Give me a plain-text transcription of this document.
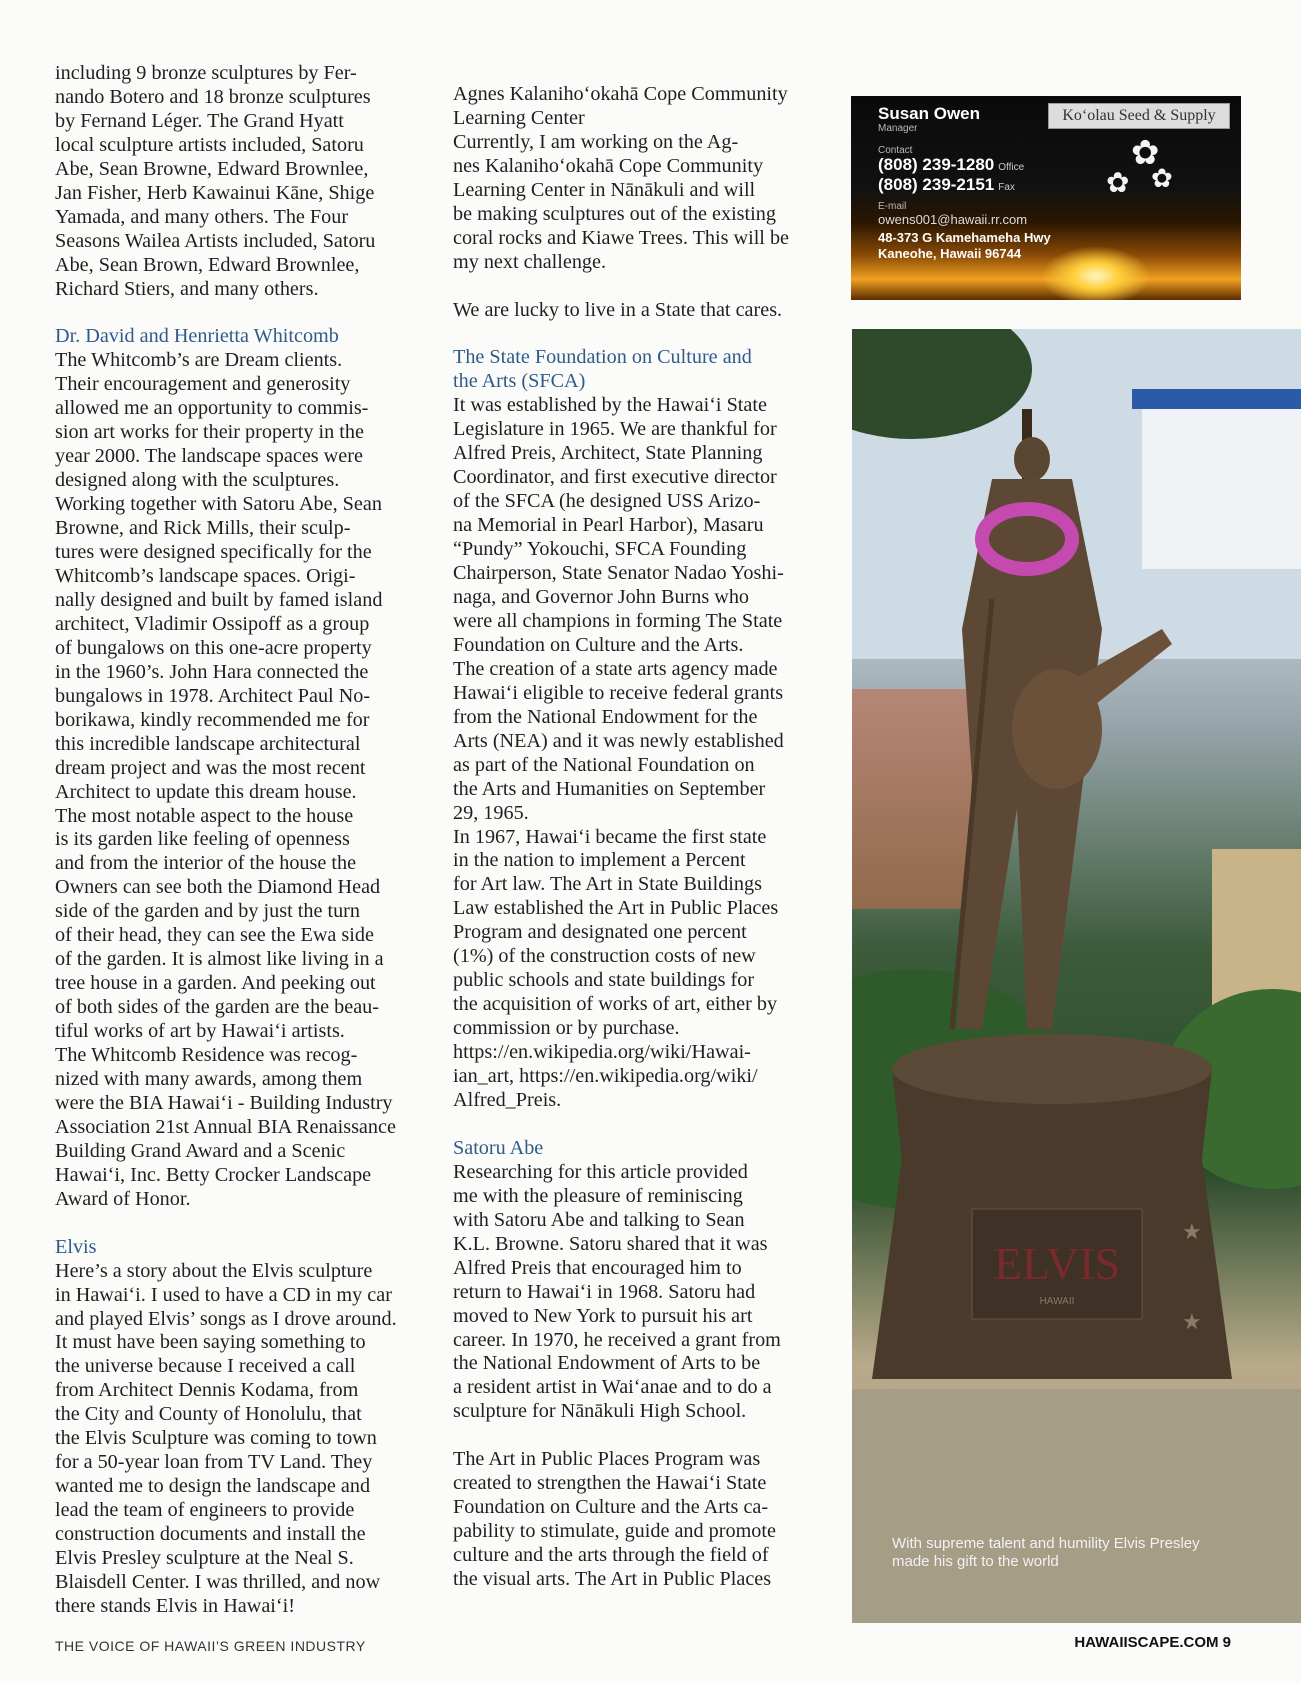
including 9 bronze sculptures by Fer-
nando Botero and 18 bronze sculptures
by Fernand Léger. The Grand Hyatt
local sculpture artists included, Satoru
Abe, Sean Browne, Edward Brownlee,
Jan Fisher, Herb Kawainui Kāne, Shige
Yamada, and many others. The Four
Seasons Wailea Artists included, Satoru
Abe, Sean Brown, Edward Brownlee,
Richard Stiers, and many others.

Dr. David and Henrietta Whitcomb

The Whitcomb’s are Dream clients.
Their encouragement and generosity
allowed me an opportunity to commis-
sion art works for their property in the
year 2000. The landscape spaces were
designed along with the sculptures.
Working together with Satoru Abe, Sean
Browne, and Rick Mills, their sculp-
tures were designed specifically for the
Whitcomb’s landscape spaces. Origi-
nally designed and built by famed island
architect, Vladimir Ossipoff as a group
of bungalows on this one-acre property
in the 1960’s. John Hara connected the
bungalows in 1978. Architect Paul No-
borikawa, kindly recommended me for
this incredible landscape architectural
dream project and was the most recent
Architect to update this dream house.
The most notable aspect to the house
is its garden like feeling of openness
and from the interior of the house the
Owners can see both the Diamond Head
side of the garden and by just the turn
of their head, they can see the Ewa side
of the garden. It is almost like living in a
tree house in a garden. And peeking out
of both sides of the garden are the beau-
tiful works of art by Hawai‘i artists.
The Whitcomb Residence was recog-
nized with many awards, among them
were the BIA Hawai‘i - Building Industry
Association 21st Annual BIA Renaissance
Building Grand Award and a Scenic
Hawai‘i, Inc. Betty Crocker Landscape
Award of Honor.

Elvis

Here’s a story about the Elvis sculpture
in Hawai‘i. I used to have a CD in my car
and played Elvis’ songs as I drove around.
It must have been saying something to
the universe because I received a call
from Architect Dennis Kodama, from
the City and County of Honolulu, that
the Elvis Sculpture was coming to town
for a 50-year loan from TV Land. They
wanted me to design the landscape and
lead the team of engineers to provide
construction documents and install the
Elvis Presley sculpture at the Neal S.
Blaisdell Center. I was thrilled, and now
there stands Elvis in Hawai‘i!
Agnes Kalaniho‘okahā Cope Community
Learning Center
Currently, I am working on the Ag-
nes Kalaniho‘okahā Cope Community
Learning Center in Nānākuli and will
be making sculptures out of the existing
coral rocks and Kiawe Trees. This will be
my next challenge.

We are lucky to live in a State that cares.

The State Foundation on Culture and
the Arts (SFCA)
It was established by the Hawai‘i State
Legislature in 1965. We are thankful for
Alfred Preis, Architect, State Planning
Coordinator, and first executive director
of the SFCA (he designed USS Arizo-
na Memorial in Pearl Harbor), Masaru
“Pundy” Yokouchi, SFCA Founding
Chairperson, State Senator Nadao Yoshi-
naga, and Governor John Burns who
were all champions in forming The State
Foundation on Culture and the Arts.
The creation of a state arts agency made
Hawai‘i eligible to receive federal grants
from the National Endowment for the
Arts (NEA) and it was newly established
as part of the National Foundation on
the Arts and Humanities on September
29, 1965.
In 1967, Hawai‘i became the first state
in the nation to implement a Percent
for Art law. The Art in State Buildings
Law established the Art in Public Places
Program and designated one percent
(1%) of the construction costs of new
public schools and state buildings for
the acquisition of works of art, either by
commission or by purchase.
https://en.wikipedia.org/wiki/Hawai-
ian_art, https://en.wikipedia.org/wiki/
Alfred_Preis.

Satoru Abe

Researching for this article provided
me with the pleasure of reminiscing
with Satoru Abe and talking to Sean
K.L. Browne. Satoru shared that it was
Alfred Preis that encouraged him to
return to Hawai‘i in 1968. Satoru had
moved to New York to pursuit his art
career. In 1970, he received a grant from
the National Endowment of Arts to be
a resident artist in Wai‘anae and to do a
sculpture for Nānākuli High School.
The Art in Public Places Program was
created to strengthen the Hawai‘i State
Foundation on Culture and the Arts ca-
pability to stimulate, guide and promote
culture and the arts through the field of
the visual arts. The Art in Public Places
Susan Owen
Manager
Contact
(808) 239-1280 Office
(808) 239-2151 Fax
E-mail
owens001@hawaii.rr.com
48-373 G Kamehameha Hwy
Kaneohe, Hawaii 96744
Ko‘olau Seed & Supply
✿
✿ ✿
ELVIS
HAWAII
★
★
With supreme talent and humility Elvis Presley
made his gift to the world
THE VOICE OF HAWAII’S GREEN INDUSTRY	HAWAIISCAPE.COM 9
